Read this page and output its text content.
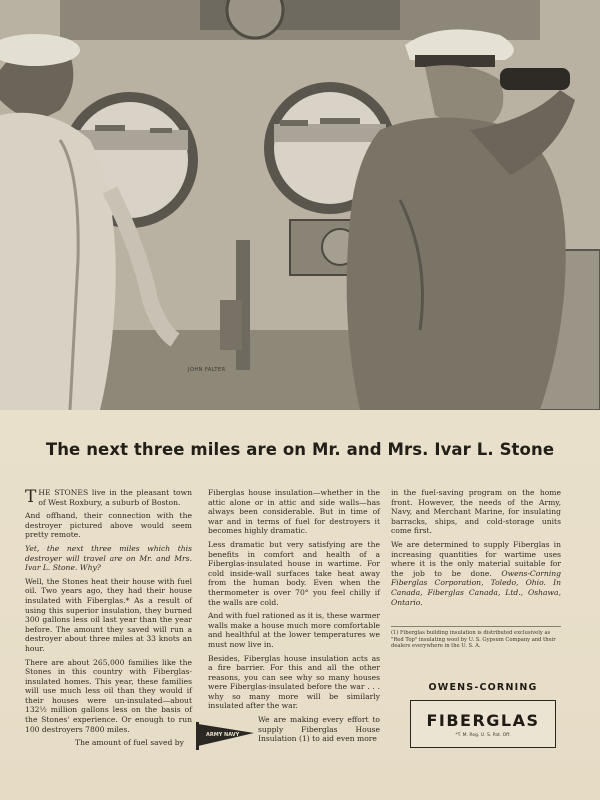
JOHN FALTER
The next three miles are on Mr. and Mrs. Ivar L. Stone

THE STONES live in the pleasant town of West Roxbury, a suburb of Boston.

And offhand, their connection with the destroyer pictured above would seem pretty remote.

Yet, the next three miles which this destroyer will travel are on Mr. and Mrs. Ivar L. Stone. Why?

Well, the Stones heat their house with fuel oil. Two years ago, they had their house insulated with Fiberglas.* As a result of using this superior insulation, they burned 300 gallons less oil last year than the year before. The amount they saved will run a destroyer about three miles at 33 knots an hour.

There are about 265,000 families like the Stones in this country with Fiberglas-insulated homes. This year, these families will use much less oil than they would if their houses were un-insulated—about 132½ million gallons less on the basis of the Stones' experience. Or enough to run 100 destroyers 7800 miles.

The amount of fuel saved by

Fiberglas house insulation—whether in the attic alone or in attic and side walls—has always been considerable. But in time of war and in terms of fuel for destroyers it becomes highly dramatic.

Less dramatic but very satisfying are the benefits in comfort and health of a Fiberglas-insulated house in wartime. For cold inside-wall surfaces take heat away from the human body. Even when the thermometer is over 70° you feel chilly if the walls are cold.

And with fuel rationed as it is, these warmer walls make a house much more comfortable and healthful at the lower temperatures we must now live in.

Besides, Fiberglas house insulation acts as a fire barrier. For this and all the other reasons, you can see why so many houses were Fiberglas-insulated before the war . . . why so many more will be similarly insulated after the war.

We are making every effort to supply Fiberglas House Insulation (1) to aid even more

in the fuel-saving program on the home front. However, the needs of the Army, Navy, and Merchant Marine, for insulating barracks, ships, and cold-storage units come first.

We are determined to supply Fiberglas in increasing quantities for wartime uses where it is the only material suitable for the job to be done. Owens-Corning Fiberglas Corporation, Toledo, Ohio. In Canada, Fiberglas Canada, Ltd., Oshawa, Ontario.

(1) Fiberglas building insulation is distributed exclusively as "Red Top" insulating wool by U. S. Gypsum Company and their dealers everywhere in the U. S. A.
ARMY NAVY
OWENS-CORNING
FIBERGLAS
*T. M. Reg. U. S. Pat. Off.
